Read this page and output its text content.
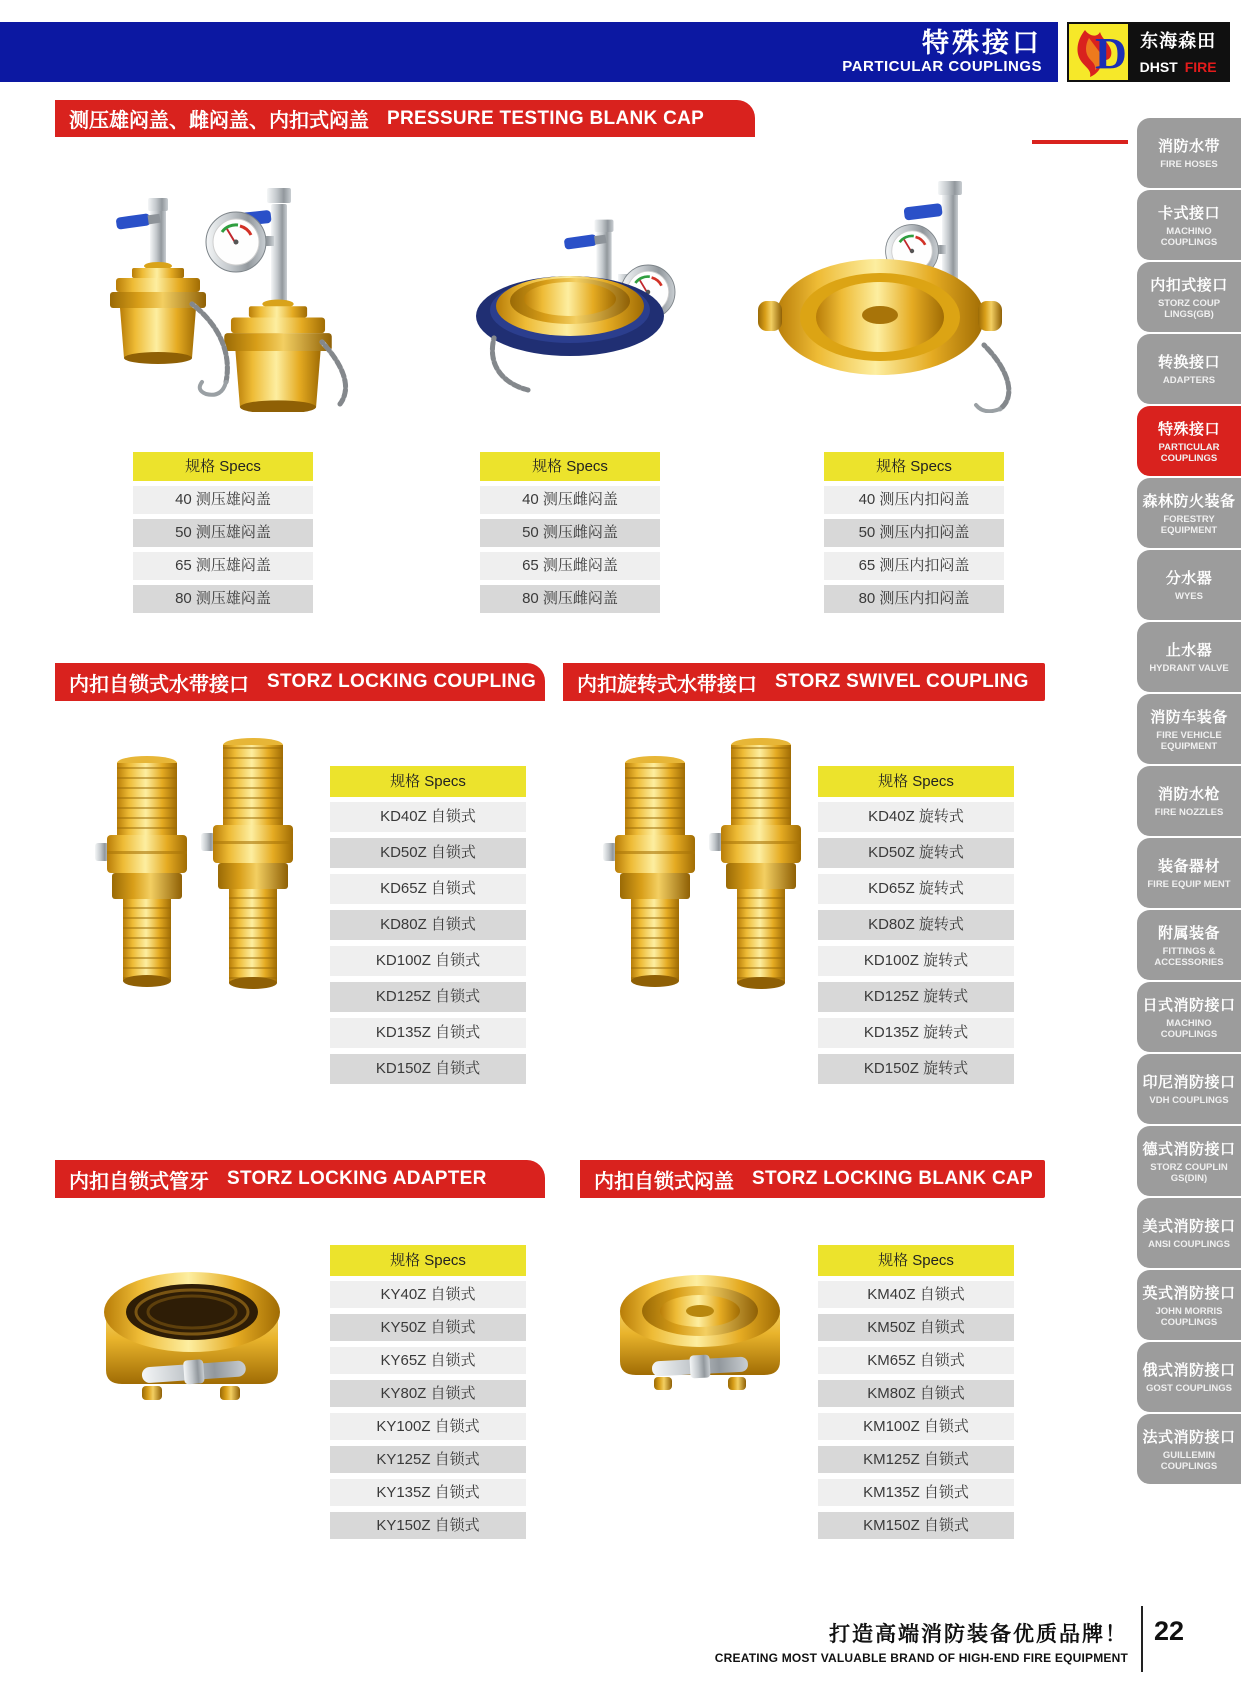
特殊接口
PARTICULAR COUPLINGS D 东海森田
DHST FIRE
测压雄闷盖、雌闷盖、内扣式闷盖 PRESSURE TESTING BLANK CAP
规格 Specs
40 测压雄闷盖
50 测压雄闷盖
65 测压雄闷盖
80 测压雄闷盖
规格 Specs
40 测压雌闷盖
50 测压雌闷盖
65 测压雌闷盖
80 测压雌闷盖
规格 Specs
40 测压内扣闷盖
50 测压内扣闷盖
65 测压内扣闷盖
80 测压内扣闷盖
内扣自锁式水带接口 STORZ LOCKING COUPLING 内扣旋转式水带接口 STORZ SWIVEL COUPLING
规格 Specs
KD40Z 自锁式
KD50Z 自锁式
KD65Z 自锁式
KD80Z 自锁式
KD100Z 自锁式
KD125Z 自锁式
KD135Z 自锁式
KD150Z 自锁式
规格 Specs
KD40Z 旋转式
KD50Z 旋转式
KD65Z 旋转式
KD80Z 旋转式
KD100Z 旋转式
KD125Z 旋转式
KD135Z 旋转式
KD150Z 旋转式
内扣自锁式管牙 STORZ LOCKING ADAPTER	内扣自锁式闷盖 STORZ LOCKING BLANK CAP
规格 Specs
KY40Z 自锁式
KY50Z 自锁式
KY65Z 自锁式
KY80Z 自锁式
KY100Z 自锁式
KY125Z 自锁式
KY135Z 自锁式
KY150Z 自锁式
规格 Specs
KM40Z 自锁式
KM50Z 自锁式
KM65Z 自锁式
KM80Z 自锁式
KM100Z 自锁式
KM125Z 自锁式
KM135Z 自锁式
KM150Z 自锁式
消防水带
FIRE HOSES
卡式接口
MACHINO COUPLINGS
内扣式接口
STORZ COUP LINGS(GB)
转换接口
ADAPTERS
特殊接口
PARTICULAR COUPLINGS
森林防火装备
FORESTRY EQUIPMENT
分水器
WYES
止水器
HYDRANT VALVE
消防车装备
FIRE VEHICLE EQUIPMENT
消防水枪
FIRE NOZZLES
装备器材
FIRE EQUIP MENT
附属装备
FITTINGS & ACCESSORIES
日式消防接口
MACHINO COUPLINGS
印尼消防接口
VDH COUPLINGS
德式消防接口
STORZ COUPLIN GS(DIN)
美式消防接口
ANSI COUPLINGS
英式消防接口
JOHN MORRIS COUPLINGS
俄式消防接口
GOST COUPLINGS
法式消防接口
GUILLEMIN COUPLINGS
打造高端消防装备优质品牌！
CREATING MOST VALUABLE BRAND OF HIGH-END FIRE EQUIPMENT
22
